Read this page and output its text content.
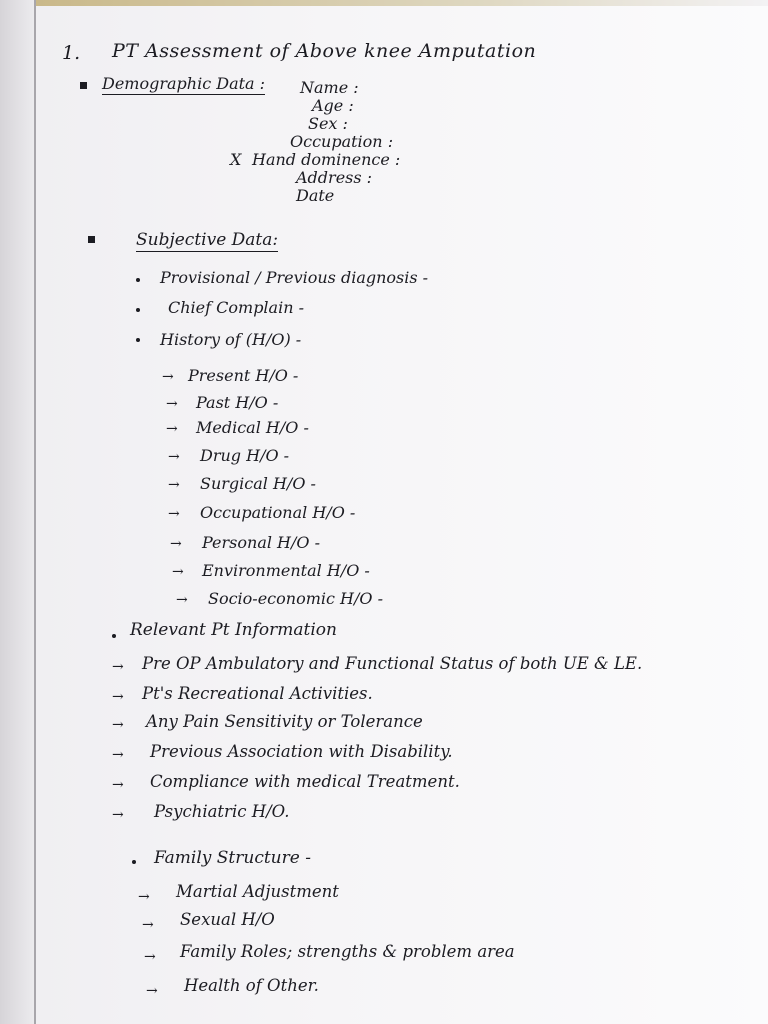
1. PT Assessment of Above knee Amputation
Demographic Data : Name :
Age :
Sex :
Occupation :
X Hand dominence :
Address :
Date
Subjective Data:
Provisional / Previous diagnosis -
Chief Complain -
History of (H/O) -
→ Present H/O -
→ Past H/O -
→ Medical H/O -
→ Drug H/O -
→ Surgical H/O -
→ Occupational H/O -
→ Personal H/O -
→ Environmental H/O -
→ Socio-economic H/O -
Relevant Pt Information
→ Pre OP Ambulatory and Functional Status of both UE & LE.
→ Pt's Recreational Activities.
→ Any Pain Sensitivity or Tolerance
→ Previous Association with Disability.
→ Compliance with medical Treatment.
→ Psychiatric H/O.
Family Structure -
→ Martial Adjustment
→ Sexual H/O
→ Family Roles; strengths & problem area
→ Health of Other.
